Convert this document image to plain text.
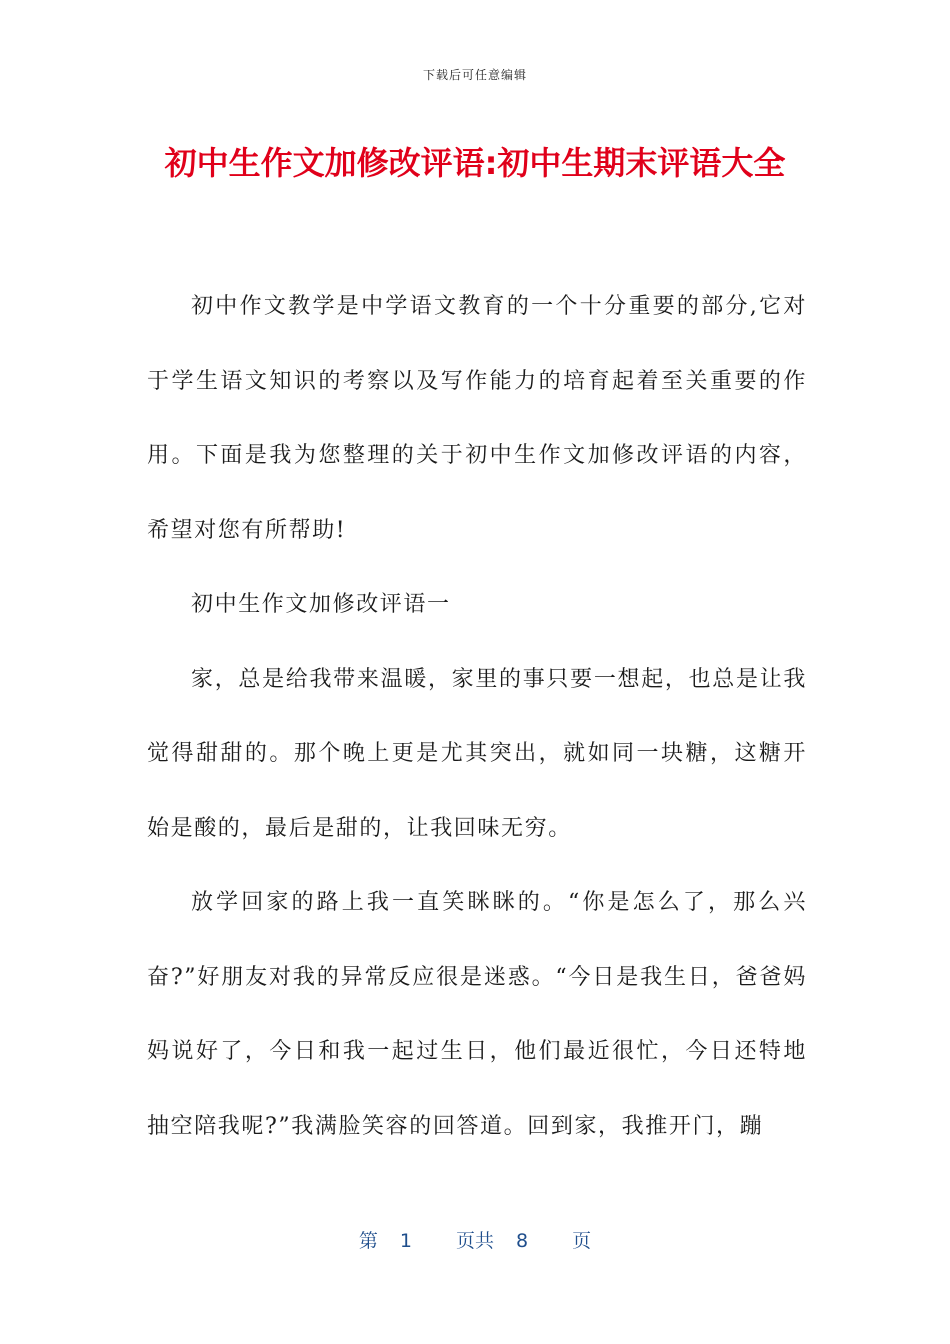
下载后可任意编辑
初中生作文加修改评语:初中生期末评语大全

初中作文教学是中学语文教育的一个十分重要的部分,它对于学生语文知识的考察以及写作能力的培育起着至关重要的作用。下面是我为您整理的关于初中生作文加修改评语的内容，希望对您有所帮助!

初中生作文加修改评语一

家，总是给我带来温暖，家里的事只要一想起，也总是让我觉得甜甜的。那个晚上更是尤其突出，就如同一块糖，这糖开始是酸的，最后是甜的，让我回味无穷。

放学回家的路上我一直笑眯眯的。“你是怎么了，那么兴奋?”好朋友对我的异常反应很是迷惑。“今日是我生日，爸爸妈妈说好了，今日和我一起过生日，他们最近很忙，今日还特地抽空陪我呢?”我满脸笑容的回答道。回到家，我推开门，蹦

第 1 页共 8 页
